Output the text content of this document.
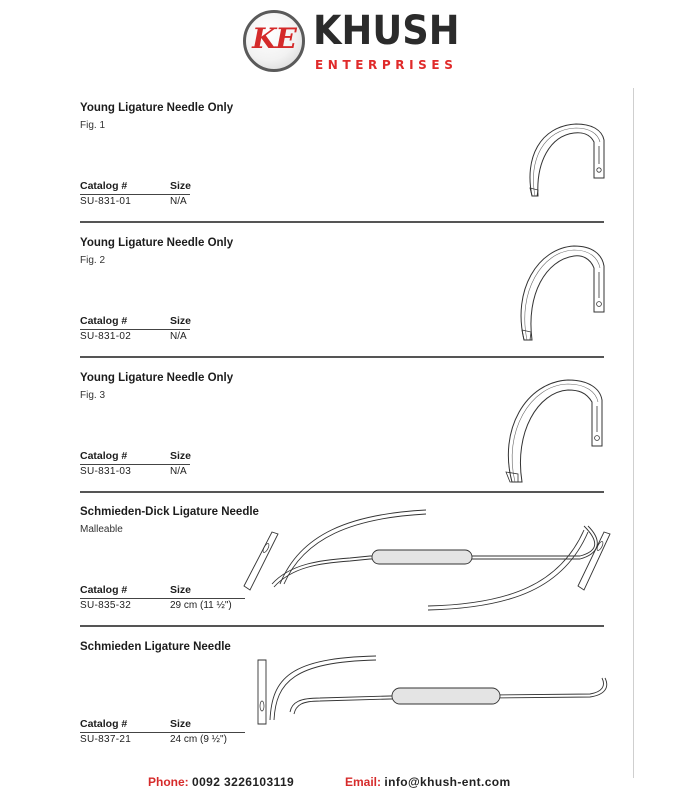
KE KHUSH
ENTERPRISES
Young Ligature Needle Only
Fig. 1
Catalog #	Size
SU-831-01	N/A
Young Ligature Needle Only
Fig. 2
Catalog #	Size
SU-831-02	N/A
Young Ligature Needle Only
Fig. 3
Catalog #	Size
SU-831-03	N/A
Schmieden-Dick Ligature Needle
Malleable
Catalog #	Size
SU-835-32	29 cm (11 ½")
Schmieden Ligature Needle
Catalog #	Size
SU-837-21	24 cm (9 ½")
Phone: 0092 3226103119	Email: info@khush-ent.com
